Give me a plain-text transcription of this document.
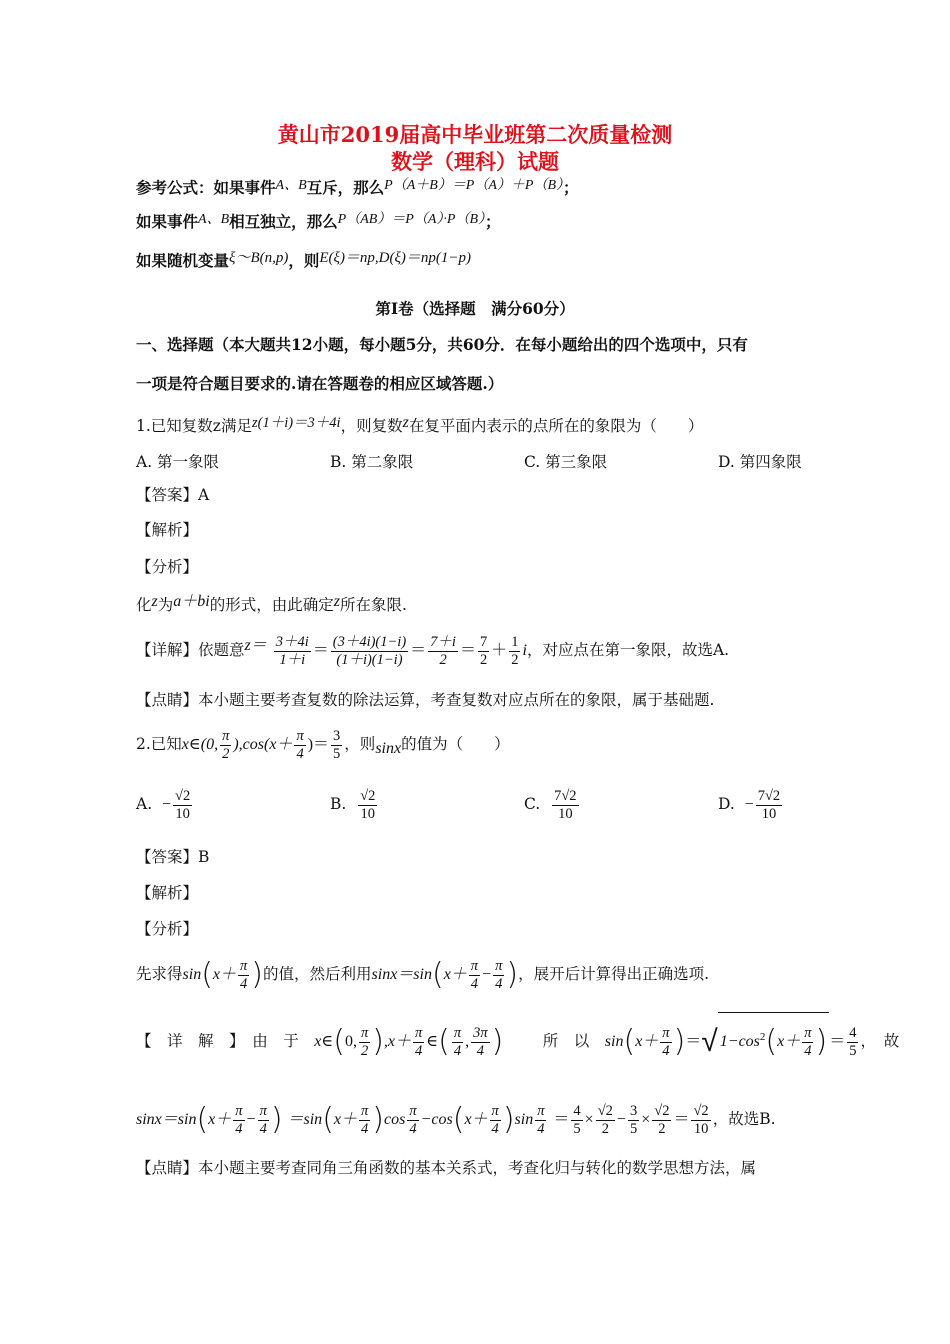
黄山市2019届高中毕业班第二次质量检测
数学（理科）试题
参考公式：如果事件A、B互斥，那么P（A＋B）＝P（A）＋P（B）；
如果事件A、B相互独立，那么P（AB）＝P（A）·P（B）；
如果随机变量ξ～B(n,p)，则E(ξ)＝np,D(ξ)＝np(1−p)
第Ⅰ卷（选择题　满分60分）
一、选择题（本大题共12小题，每小题5分，共60分．在每小题给出的四个选项中，只有
一项是符合题目要求的.请在答题卷的相应区域答题.）
1.已知复数z满足z(1＋i)＝3＋4i，则复数z在复平面内表示的点所在的象限为（　　）
A. 第一象限	B. 第二象限	C. 第三象限	D. 第四象限
【答案】A
【解析】
【分析】
化z为a＋bi的形式，由此确定z所在象限.
【详解】依题意$z= \frac{3+4i}{1+i} = \frac{(3+4i)(1-i)}{(1+i)(1-i)} = \frac{7+i}{2} = \frac{7}{2} + \frac{1}{2}$ i，对应点在第一象限，故选A.
【点睛】本小题主要考查复数的除法运算，考查复数对应点所在的象限，属于基础题.
2.已知x∈(0, $\frac{\pi}{2} ),\cos(x+ \frac{\pi}{4}$ )＝ $\frac{3}{5}$ ，则sinx的值为（　　）
A. − $\frac{√2}{10}$	B. $\frac{√2}{10}$	C. $\frac{7√2}{10}$	D. − $\frac{7√2}{10}$
【答案】B
【解析】
【分析】
先求得$\sin(x+ \frac{\pi}{4}$ )的值，然后利用$\sin x=\sin(x+ \frac{\pi}{4} - \frac{\pi}{4}$ )，展开后计算得出正确选项.
【　详　解　】　由　于　x∈(0, $\frac{\pi}{2} ),x+ \frac{\pi}{4}$ ∈( $\frac{\pi}{4}$ , $\frac{3\pi}{4}$ )	所　以　$\sin(x+ \frac{\pi}{4}$ )＝√ $1-\cos^2(x+ \frac{\pi}{4}$ ) ＝ $\frac{4}{5}$ ，　故
$\sin x=\sin(x+ \frac{\pi}{4} - \frac{\pi}{4}$ ) $=\sin(x+ \frac{\pi}{4} )\cos \frac{\pi}{4} -\cos(x+ \frac{\pi}{4} )\sin \frac{\pi}{4} = \frac{4}{5} \times \frac{√2}{2} - \frac{3}{5} \times \frac{√2}{2} = \frac{√2}{10}$ ，故选B.
【点睛】本小题主要考查同角三角函数的基本关系式，考查化归与转化的数学思想方法，属
